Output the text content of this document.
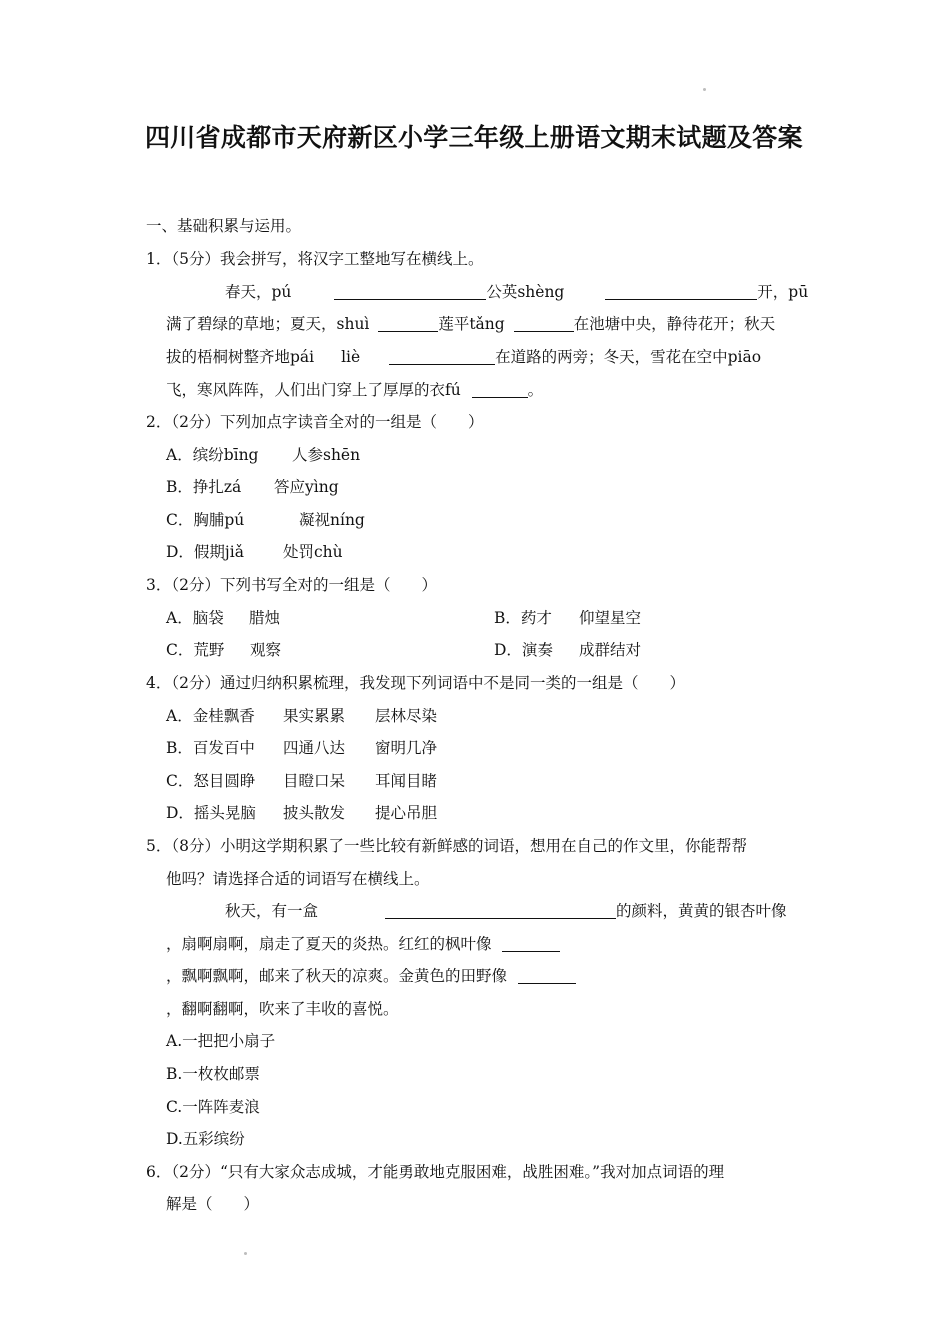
四川省成都市天府新区小学三年级上册语文期末试题及答案
一、基础积累与运用。
1．（5分）我会拼写，将汉字工整地写在横线上。
春天，pú	公英shèng	开，pū
满了碧绿的草地；夏天，shuì	莲平tǎng	在池塘中央，静待花开；秋天
拔的梧桐树整齐地pái liè	在道路的两旁；冬天，雪花在空中piāo
飞，寒风阵阵，人们出门穿上了厚厚的衣fú	。
2．（2分）下列加点字读音全对的一组是（　　）
A．缤纷bīng 人参shēn
B．挣扎zá 答应yìng
C．胸脯pú	凝视níng
D．假期jiǎ	处罚chù
3．（2分）下列书写全对的一组是（　　）
A．脑袋 腊烛	B．药才 仰望星空
C．荒野 观察	D．演奏 成群结对
4．（2分）通过归纳积累梳理，我发现下列词语中不是同一类的一组是（　　）
A．金桂飘香 果实累累 层林尽染
B．百发百中 四通八达 窗明几净
C．怒目圆睁 目瞪口呆 耳闻目睹
D．摇头晃脑 披头散发 提心吊胆
5．（8分）小明这学期积累了一些比较有新鲜感的词语，想用在自己的作文里，你能帮帮
他吗？请选择合适的词语写在横线上。
秋天，有一盒	的颜料，黄黄的银杏叶像
，扇啊扇啊，扇走了夏天的炎热。红红的枫叶像
，飘啊飘啊，邮来了秋天的凉爽。金黄色的田野像
，翻啊翻啊，吹来了丰收的喜悦。
A.一把把小扇子
B.一枚枚邮票
C.一阵阵麦浪
D.五彩缤纷
6．（2分）“只有大家众志成城，才能勇敢地克服困难，战胜困难。”我对加点词语的理
解是（　　）
